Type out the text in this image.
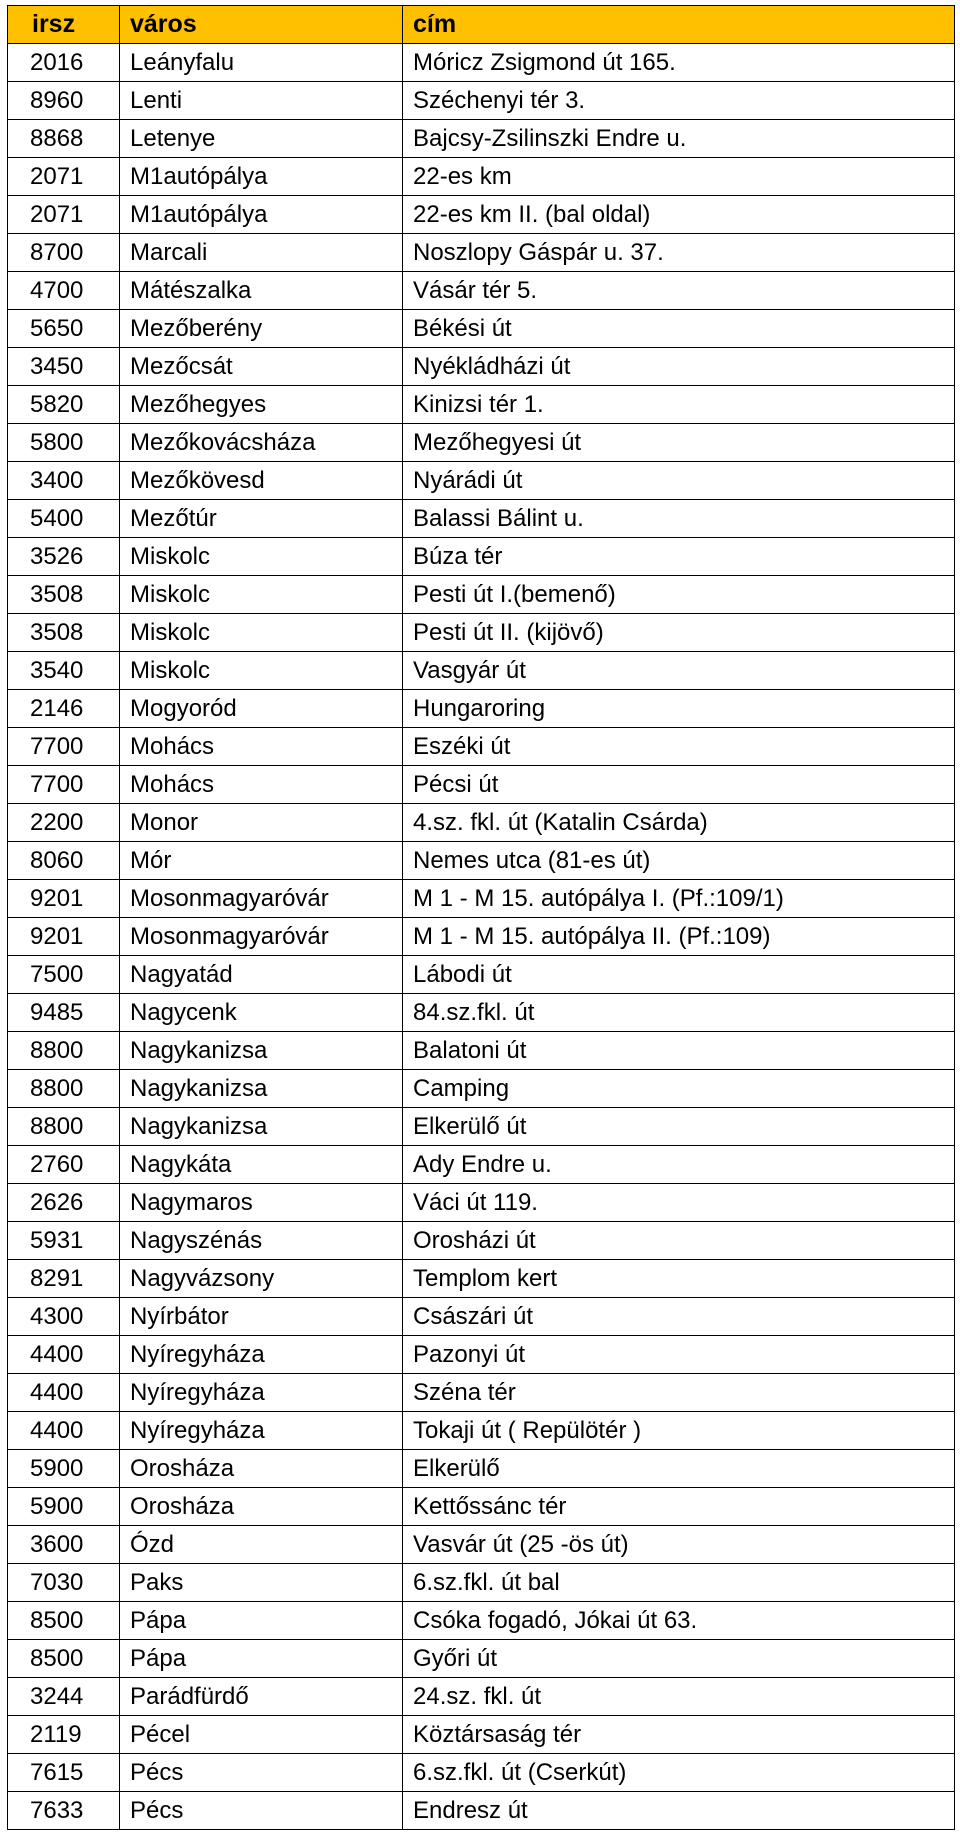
irsz	város	cím
2016	Leányfalu	Móricz Zsigmond út 165.
8960	Lenti	Széchenyi tér 3.
8868	Letenye	Bajcsy-Zsilinszki Endre u.
2071	M1autópálya	22-es km
2071	M1autópálya	22-es km II. (bal oldal)
8700	Marcali	Noszlopy Gáspár u. 37.
4700	Mátészalka	Vásár tér 5.
5650	Mezőberény	Békési út
3450	Mezőcsát	Nyékládházi út
5820	Mezőhegyes	Kinizsi tér 1.
5800	Mezőkovácsháza	Mezőhegyesi út
3400	Mezőkövesd	Nyárádi út
5400	Mezőtúr	Balassi Bálint u.
3526	Miskolc	Búza tér
3508	Miskolc	Pesti út I.(bemenő)
3508	Miskolc	Pesti út II. (kijövő)
3540	Miskolc	Vasgyár út
2146	Mogyoród	Hungaroring
7700	Mohács	Eszéki út
7700	Mohács	Pécsi út
2200	Monor	4.sz. fkl. út (Katalin Csárda)
8060	Mór	Nemes utca (81-es út)
9201	Mosonmagyaróvár	M 1 - M 15. autópálya I. (Pf.:109/1)
9201	Mosonmagyaróvár	M 1 - M 15. autópálya II. (Pf.:109)
7500	Nagyatád	Lábodi út
9485	Nagycenk	84.sz.fkl. út
8800	Nagykanizsa	Balatoni út
8800	Nagykanizsa	Camping
8800	Nagykanizsa	Elkerülő út
2760	Nagykáta	Ady Endre u.
2626	Nagymaros	Váci út 119.
5931	Nagyszénás	Orosházi út
8291	Nagyvázsony	Templom kert
4300	Nyírbátor	Császári út
4400	Nyíregyháza	Pazonyi út
4400	Nyíregyháza	Széna tér
4400	Nyíregyháza	Tokaji út ( Repülötér )
5900	Orosháza	Elkerülő
5900	Orosháza	Kettőssánc tér
3600	Ózd	Vasvár út (25 -ös út)
7030	Paks	6.sz.fkl. út bal
8500	Pápa	Csóka fogadó, Jókai út 63.
8500	Pápa	Győri út
3244	Parádfürdő	24.sz. fkl. út
2119	Pécel	Köztársaság tér
7615	Pécs	6.sz.fkl. út (Cserkút)
7633	Pécs	Endresz út
